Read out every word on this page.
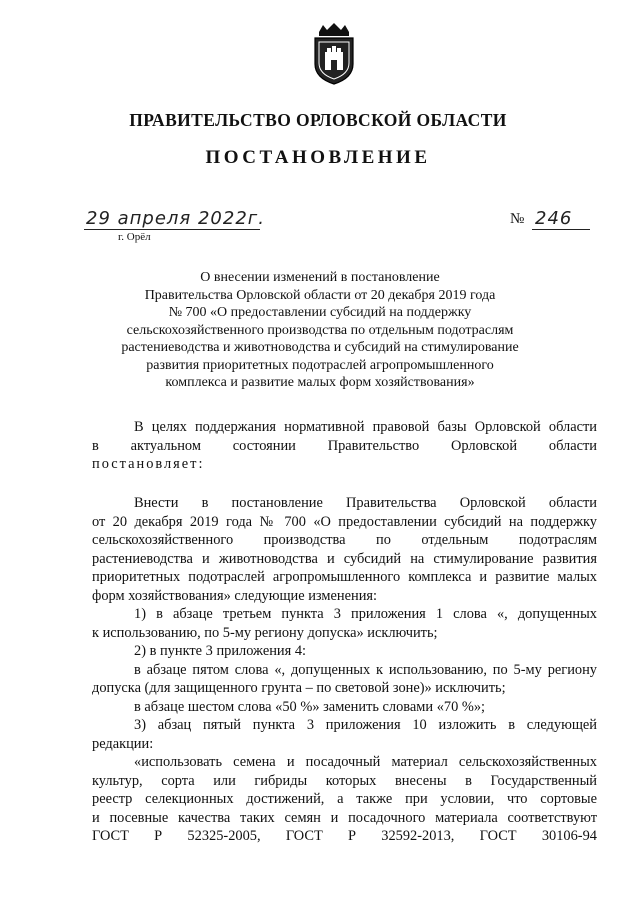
ПРАВИТЕЛЬСТВО ОРЛОВСКОЙ ОБЛАСТИ
ПОСТАНОВЛЕНИЕ
29 апреля 2022г.
г. Орёл
№ 246
О внесении изменений в постановление
Правительства Орловской области от 20 декабря 2019 года
№ 700 «О предоставлении субсидий на поддержку
сельскохозяйственного производства по отдельным подотраслям
растениеводства и животноводства и субсидий на стимулирование
развития приоритетных подотраслей агропромышленного
комплекса и развитие малых форм хозяйствования»

В целях поддержания нормативной правовой базы Орловской области

в актуальном состоянии Правительство Орловской области

постановляет:

Внести в постановление Правительства Орловской области

от 20 декабря 2019 года № 700 «О предоставлении субсидий на поддержку

сельскохозяйственного производства по отдельным подотраслям

растениеводства и животноводства и субсидий на стимулирование развития

приоритетных подотраслей агропромышленного комплекса и развитие малых

форм хозяйствования» следующие изменения:

1) в абзаце третьем пункта 3 приложения 1 слова «, допущенных

к использованию, по 5-му региону допуска» исключить;

2) в пункте 3 приложения 4:

в абзаце пятом слова «, допущенных к использованию, по 5-му региону

допуска (для защищенного грунта – по световой зоне)» исключить;

в абзаце шестом слова «50 %» заменить словами «70 %»;

3) абзац пятый пункта 3 приложения 10 изложить в следующей

редакции:

«использовать семена и посадочный материал сельскохозяйственных

культур, сорта или гибриды которых внесены в Государственный

реестр селекционных достижений, а также при условии, что сортовые

и посевные качества таких семян и посадочного материала соответствуют

ГОСТ Р 52325-2005, ГОСТ Р 32592-2013, ГОСТ 30106-94
